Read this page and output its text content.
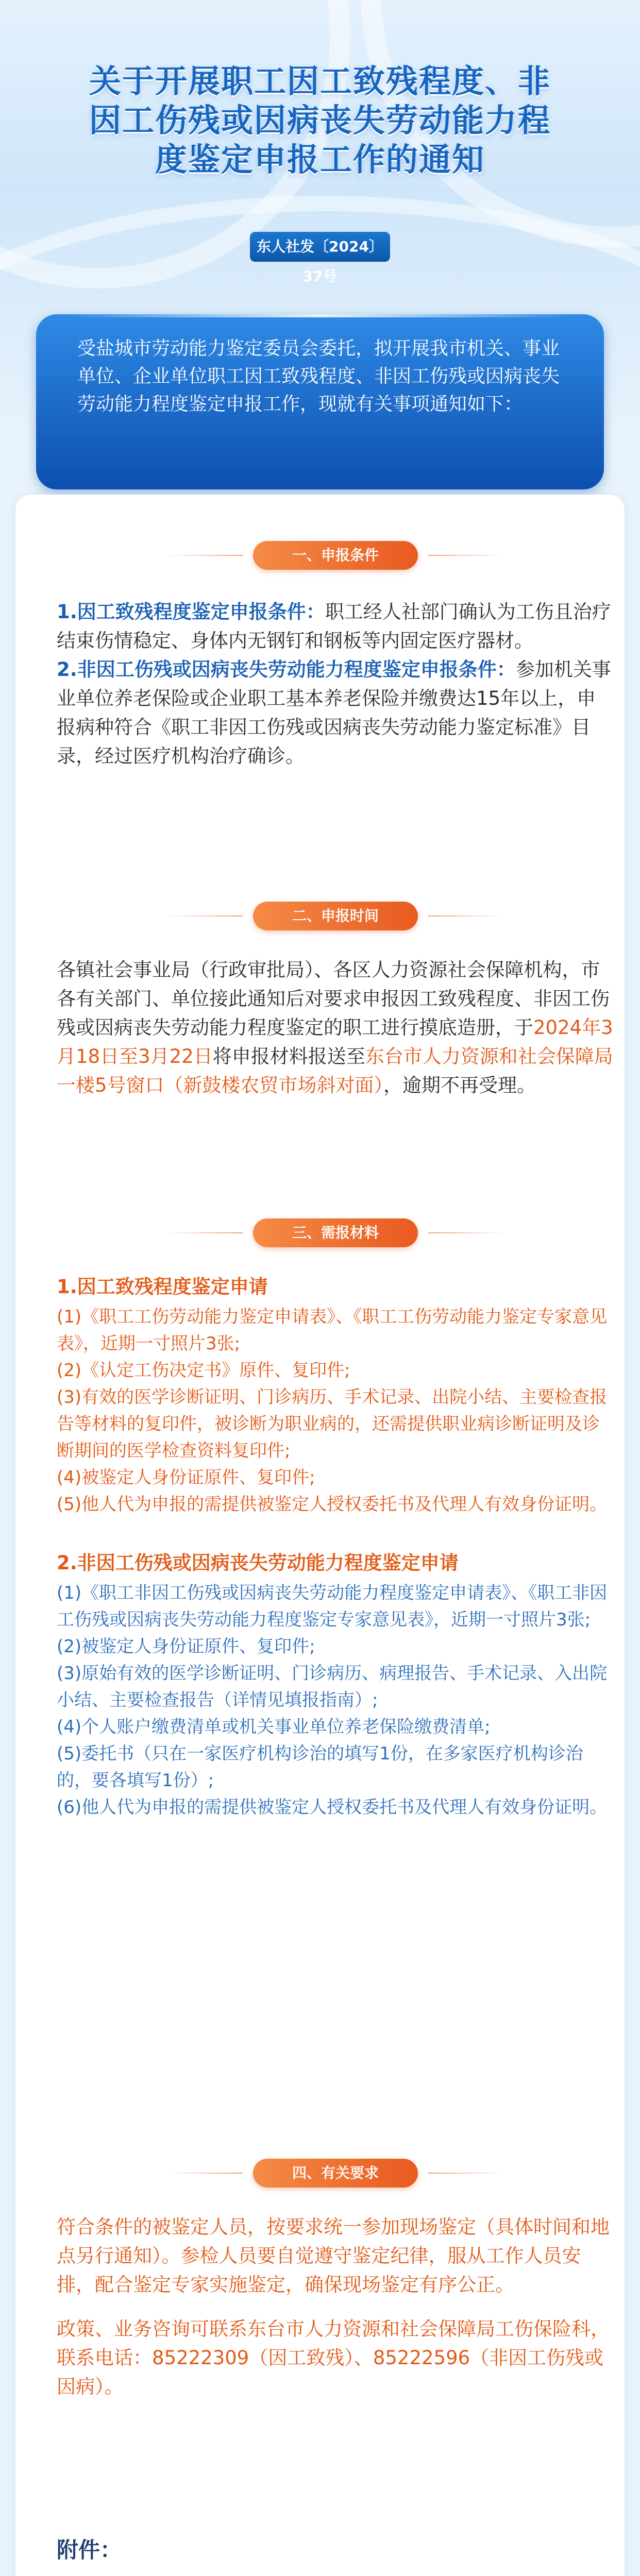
关于开展职工因工致残程度、非因工伤残或因病丧失劳动能力程度鉴定申报工作的通知
东人社发〔2024〕37号
受盐城市劳动能力鉴定委员会委托，拟开展我市机关、事业单位、企业单位职工因工致残程度、非因工伤残或因病丧失劳动能力程度鉴定申报工作，现就有关事项通知如下：
一、申报条件

1.因工致残程度鉴定申报条件：职工经人社部门确认为工伤且治疗结束伤情稳定、身体内无钢钉和钢板等内固定医疗器材。

2.非因工伤残或因病丧失劳动能力程度鉴定申报条件：参加机关事业单位养老保险或企业职工基本养老保险并缴费达15年以上，申报病种符合《职工非因工伤残或因病丧失劳动能力鉴定标准》目录，经过医疗机构治疗确诊。

二、申报时间

各镇社会事业局（行政审批局）、各区人力资源社会保障机构，市各有关部门、单位接此通知后对要求申报因工致残程度、非因工伤残或因病丧失劳动能力程度鉴定的职工进行摸底造册，于2024年3月18日至3月22日将申报材料报送至东台市人力资源和社会保障局一楼5号窗口（新鼓楼农贸市场斜对面），逾期不再受理。

三、需报材料

1.因工致残程度鉴定申请

(1)《职工工伤劳动能力鉴定申请表》、《职工工伤劳动能力鉴定专家意见表》，近期一寸照片3张;

(2)《认定工伤决定书》原件、复印件;

(3)有效的医学诊断证明、门诊病历、手术记录、出院小结、主要检查报告等材料的复印件，被诊断为职业病的，还需提供职业病诊断证明及诊断期间的医学检查资料复印件;

(4)被鉴定人身份证原件、复印件;

(5)他人代为申报的需提供被鉴定人授权委托书及代理人有效身份证明。

2.非因工伤残或因病丧失劳动能力程度鉴定申请

(1)《职工非因工伤残或因病丧失劳动能力程度鉴定申请表》、《职工非因工伤残或因病丧失劳动能力程度鉴定专家意见表》，近期一寸照片3张;

(2)被鉴定人身份证原件、复印件;

(3)原始有效的医学诊断证明、门诊病历、病理报告、手术记录、入出院小结、主要检查报告（详情见填报指南）;

(4)个人账户缴费清单或机关事业单位养老保险缴费清单;

(5)委托书（只在一家医疗机构诊治的填写1份，在多家医疗机构诊治的，要各填写1份）;

(6)他人代为申报的需提供被鉴定人授权委托书及代理人有效身份证明。

四、有关要求

符合条件的被鉴定人员，按要求统一参加现场鉴定（具体时间和地点另行通知）。参检人员要自觉遵守鉴定纪律，服从工作人员安排，配合鉴定专家实施鉴定，确保现场鉴定有序公正。

政策、业务咨询可联系东台市人力资源和社会保障局工伤保险科，联系电话：85222309（因工致残）、85222596（非因工伤残或因病）。

附件：
